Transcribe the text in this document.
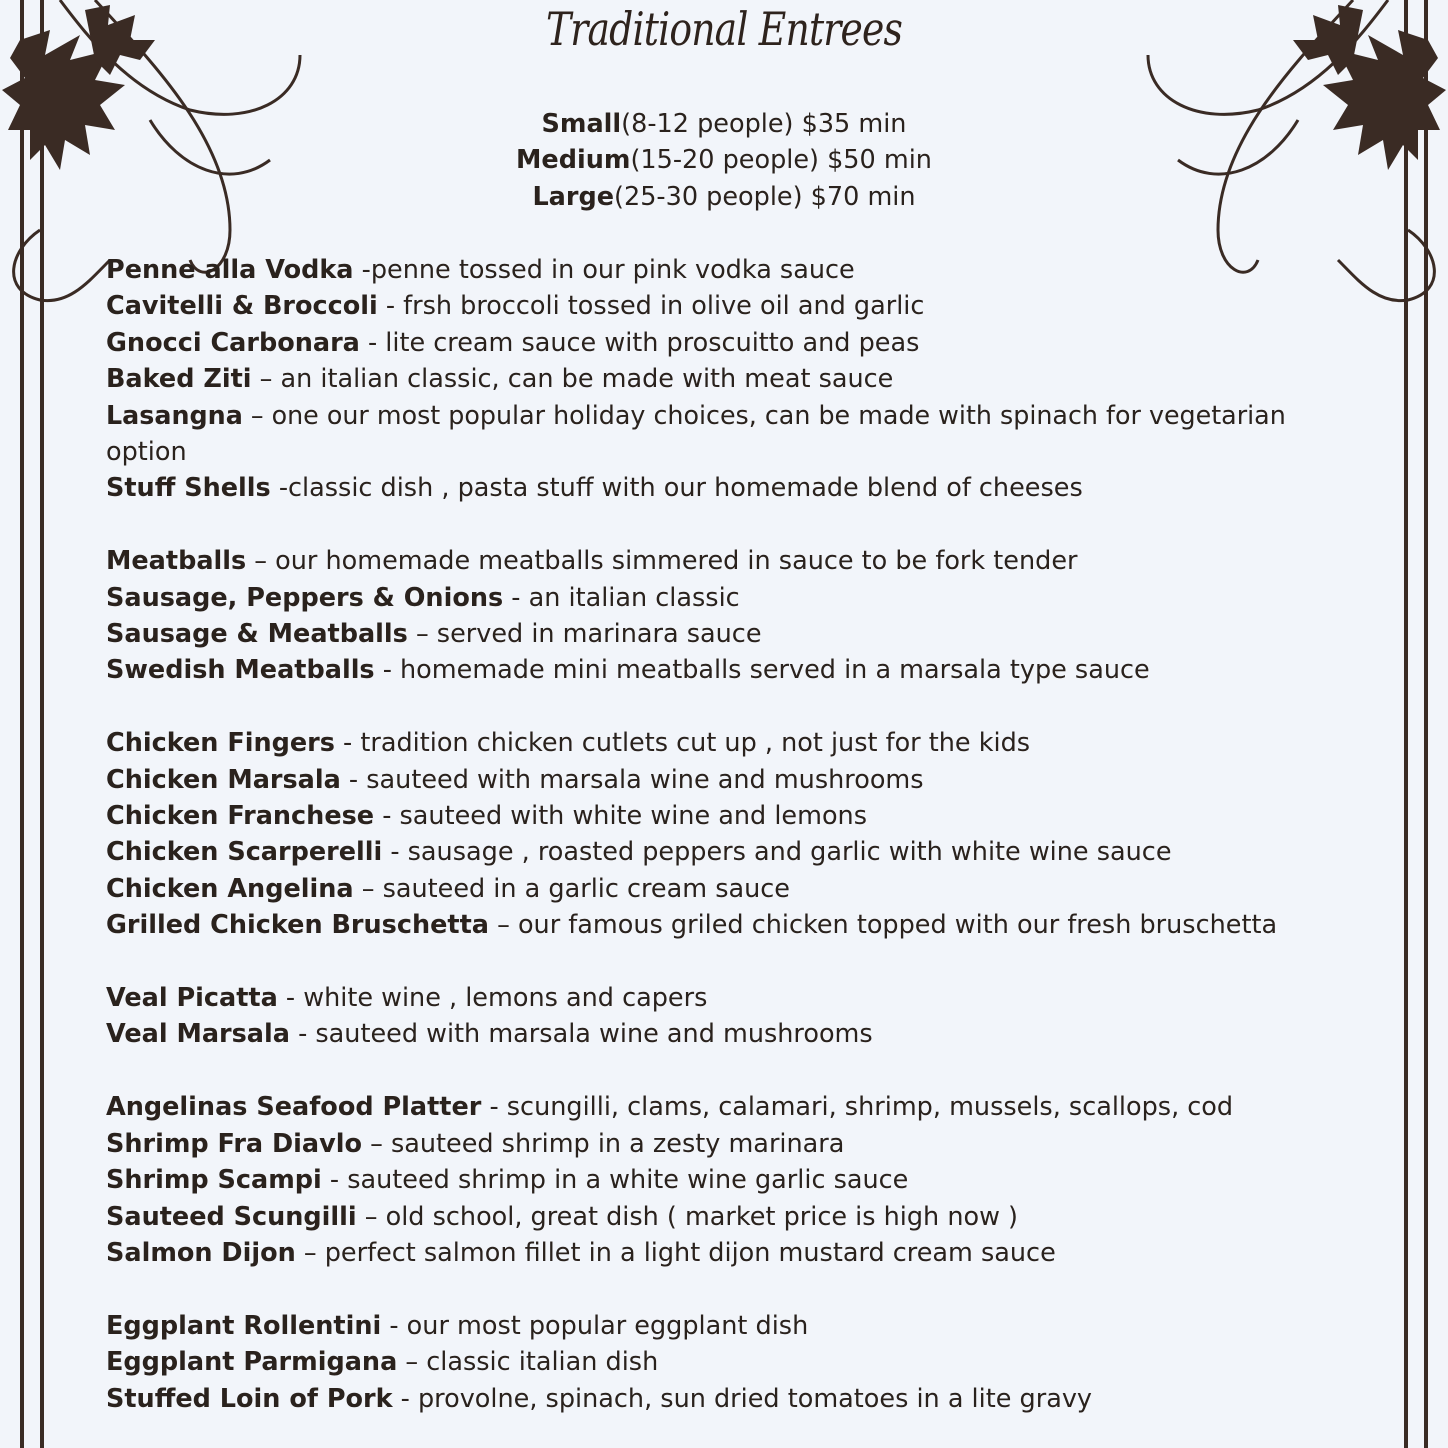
Traditional Entrees
Small(8-12 people) $35 min
Medium(15-20 people) $50 min
Large(25-30 people) $70 min
Penne alla Vodka -penne tossed in our pink vodka sauce
Cavitelli & Broccoli - frsh broccoli tossed in olive oil and garlic
Gnocci Carbonara - lite cream sauce with proscuitto and peas
Baked Ziti – an italian classic, can be made with meat sauce
Lasangna – one our most popular holiday choices, can be made with spinach for vegetarian
option
Stuff Shells -classic dish , pasta stuff with our homemade blend of cheeses
Meatballs – our homemade meatballs simmered in sauce to be fork tender
Sausage, Peppers & Onions - an italian classic
Sausage & Meatballs – served in marinara sauce
Swedish Meatballs - homemade mini meatballs served in a marsala type sauce
Chicken Fingers - tradition chicken cutlets cut up , not just for the kids
Chicken Marsala - sauteed with marsala wine and mushrooms
Chicken Franchese - sauteed with white wine and lemons
Chicken Scarperelli - sausage , roasted peppers and garlic with white wine sauce
Chicken Angelina – sauteed in a garlic cream sauce
Grilled Chicken Bruschetta – our famous griled chicken topped with our fresh bruschetta
Veal Picatta - white wine , lemons and capers
Veal Marsala - sauteed with marsala wine and mushrooms
Angelinas Seafood Platter - scungilli, clams, calamari, shrimp, mussels, scallops, cod
Shrimp Fra Diavlo – sauteed shrimp in a zesty marinara
Shrimp Scampi - sauteed shrimp in a white wine garlic sauce
Sauteed Scungilli – old school, great dish ( market price is high now )
Salmon Dijon – perfect salmon fillet in a light dijon mustard cream sauce
Eggplant Rollentini - our most popular eggplant dish
Eggplant Parmigana – classic italian dish
Stuffed Loin of Pork - provolne, spinach, sun dried tomatoes in a lite gravy
